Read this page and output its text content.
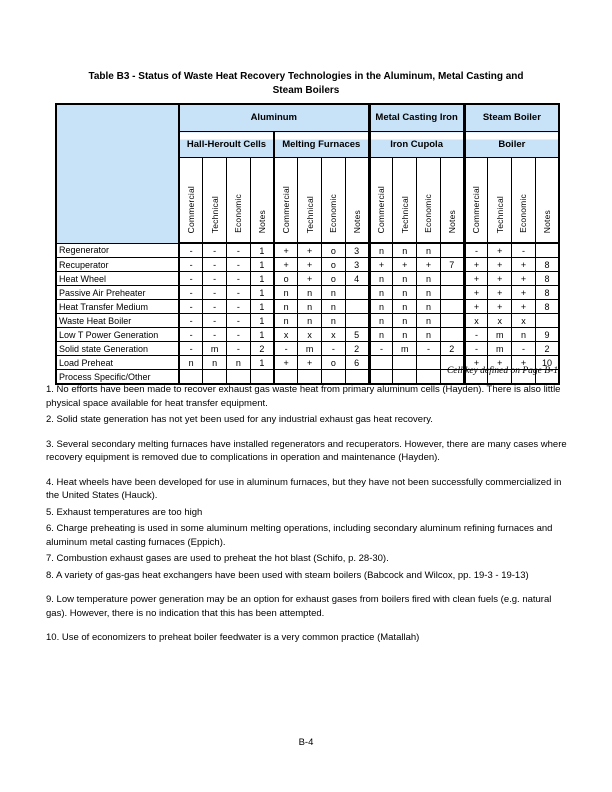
Table B3 - Status of Waste Heat Recovery Technologies in the Aluminum, Metal Casting and
Steam Boilers
	Aluminum								Metal Casting Iron				Steam Boiler			
	Hall-Heroult Cells				Melting Furnaces				Iron Cupola				Boiler			
	Commercial	Technical	Economic	Notes	Commercial	Technical	Economic	Notes	Commercial	Technical	Economic	Notes	Commercial	Technical	Economic	Notes
Regenerator	-	-	-	1	+	+	o	3	n	n	n		-	+	-	
Recuperator	-	-	-	1	+	+	o	3	+	+	+	7	+	+	+	8
Heat Wheel	-	-	-	1	o	+	o	4	n	n	n		+	+	+	8
Passive Air Preheater	-	-	-	1	n	n	n		n	n	n		+	+	+	8
Heat Transfer Medium	-	-	-	1	n	n	n		n	n	n		+	+	+	8
Waste Heat Boiler	-	-	-	1	n	n	n		n	n	n		x	x	x	
Low T Power Generation	-	-	-	1	x	x	x	5	n	n	n		-	m	n	9
Solid state Generation	-	m	-	2	-	m	-	2	-	m	-	2	-	m	-	2
Load Preheat	n	n	n	1	+	+	o	6					+	+	+	10
Process Specific/Other																
Cell key defined on Page B-1

1. No efforts have been made to recover exhaust gas waste heat from primary aluminum cells (Hayden). There is also little physical space available for heat transfer equipment.

2. Solid state generation has not yet been used for any industrial exhaust gas heat recovery.

3. Several secondary melting furnaces have installed regenerators and recuperators. However, there are many cases where recovery equipment is removed due to complications in operation and maintenance (Hayden).

4. Heat wheels have been developed for use in aluminum furnaces, but they have not been successfully commercialized in the United States (Hauck).

5. Exhaust temperatures are too high

6. Charge preheating is used in some aluminum melting operations, including secondary aluminum refining furnaces and aluminum metal casting furnaces (Eppich).

7. Combustion exhaust gases are used to preheat the hot blast (Schifo, p. 28-30).

8. A variety of gas-gas heat exchangers have been used with steam boilers (Babcock and Wilcox, pp. 19-3 - 19-13)

9. Low temperature power generation may be an option for exhaust gases from boilers fired with clean fuels (e.g. natural gas). However, there is no indication that this has been attempted.

10. Use of economizers to preheat boiler feedwater is a very common practice (Matallah)

B-4
